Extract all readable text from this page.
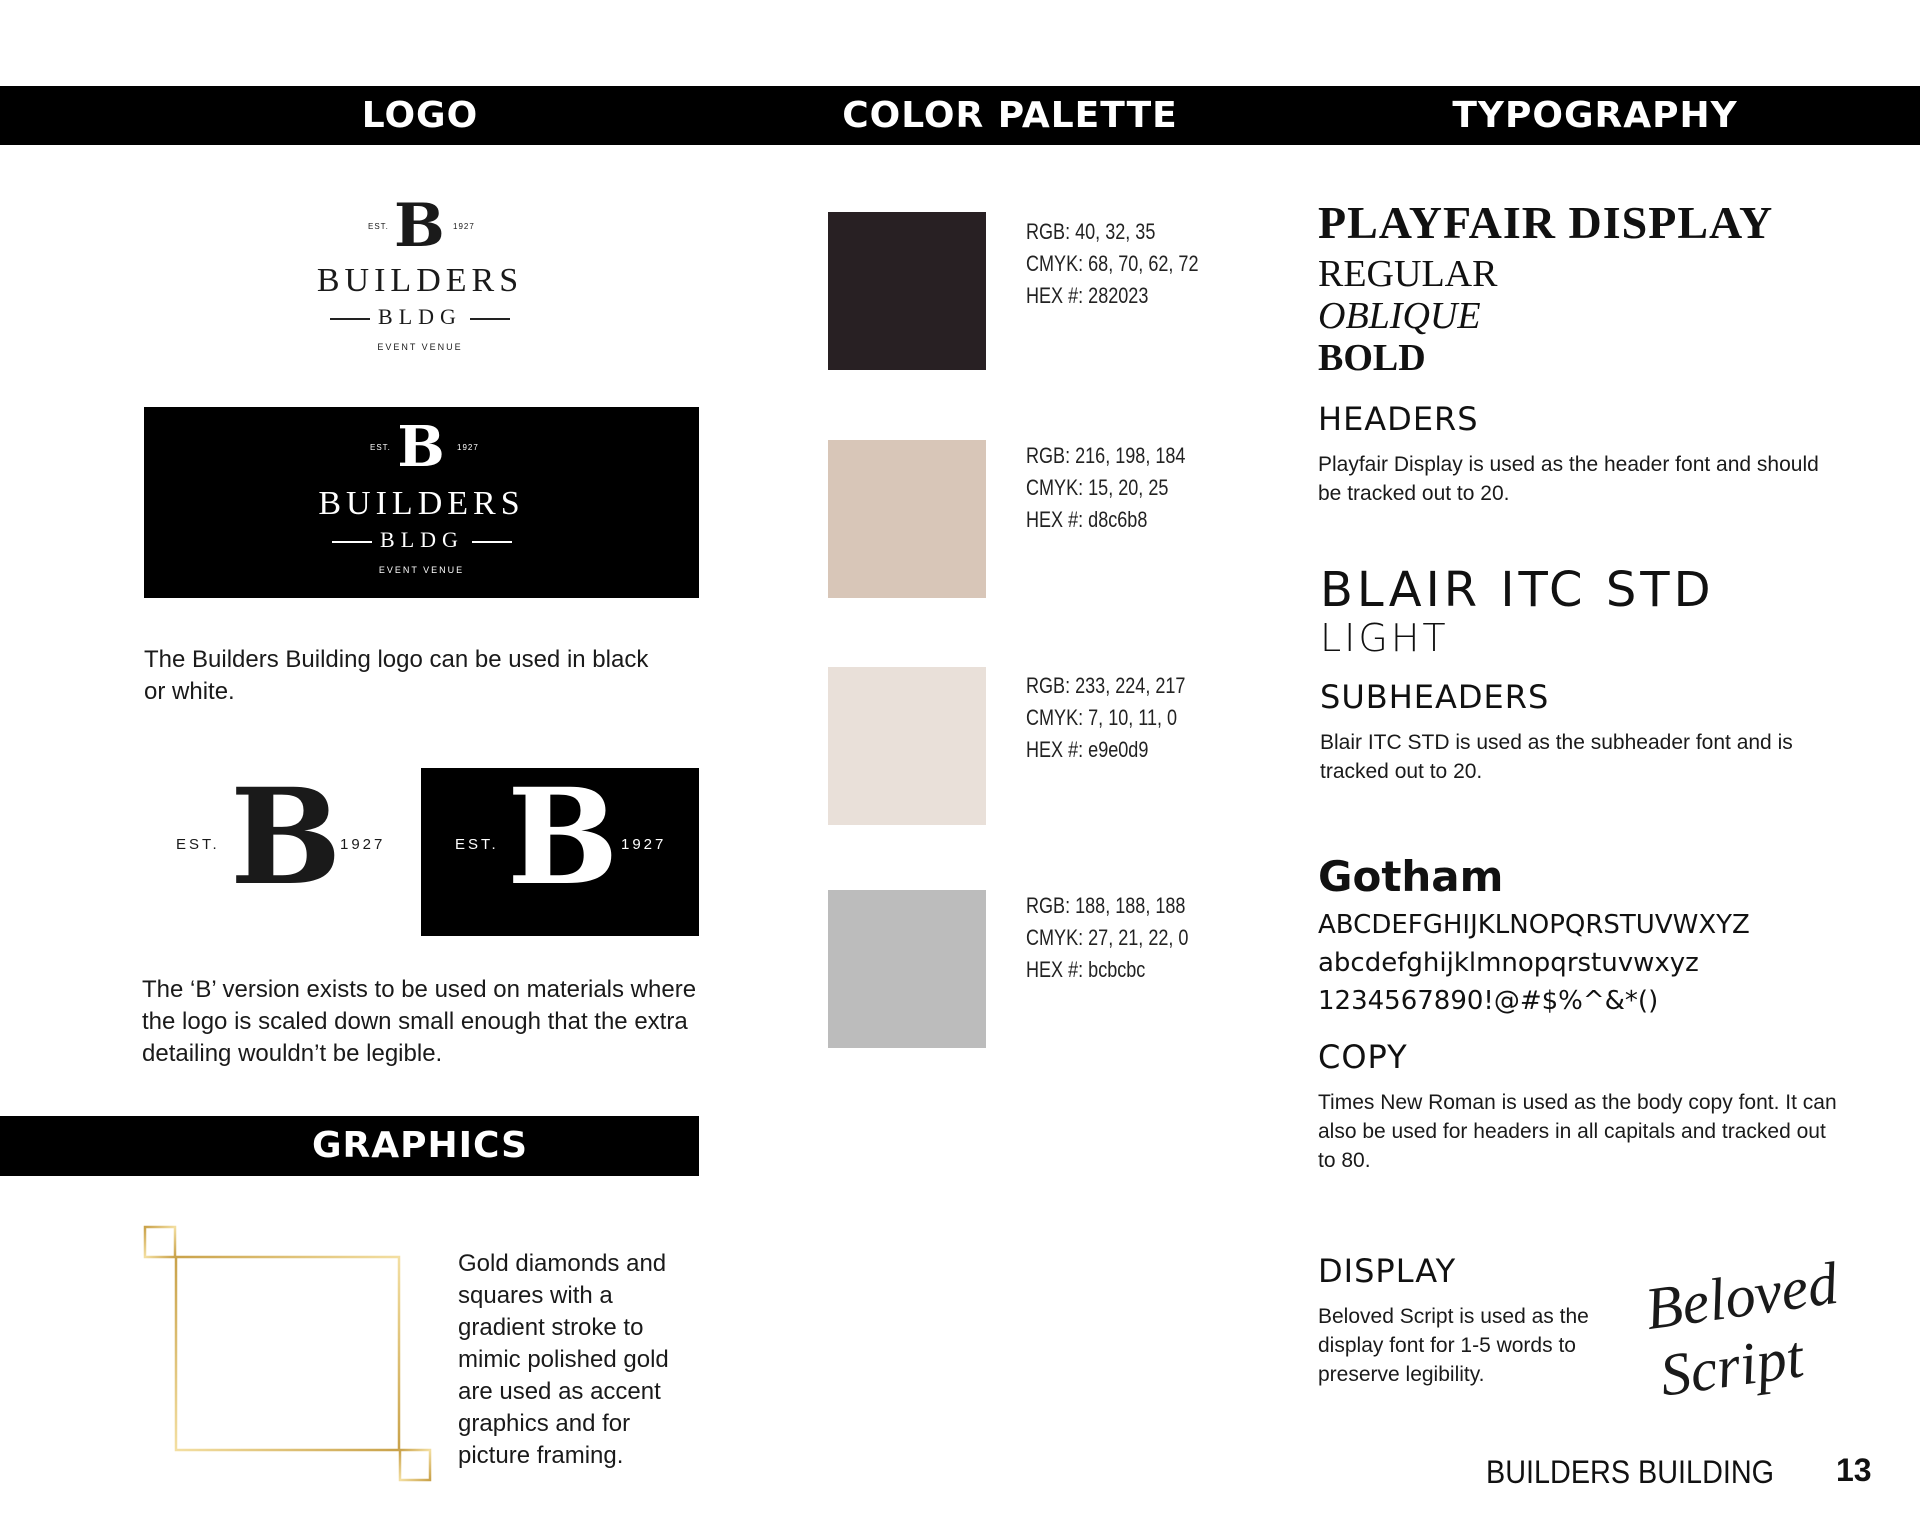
LOGO	COLOR PALETTE	TYPOGRAPHY
EST. B 1927
BUILDERS
BLDG
EVENT VENUE
EST. B 1927
BUILDERS
BLDG
EVENT VENUE
The Builders Building logo can be used in black or white.
EST. B
1927	EST. B 1927
The ‘B’ version exists to be used on materials where the logo is scaled down small enough that the extra detailing wouldn’t be legible.
GRAPHICS
Gold diamonds and squares with a gradient stroke to mimic polished gold are used as accent graphics and for picture framing.
RGB: 40, 32, 35
CMYK: 68, 70, 62, 72
HEX #: 282023
RGB: 216, 198, 184
CMYK: 15, 20, 25
HEX #: d8c6b8
RGB: 233, 224, 217
CMYK: 7, 10, 11, 0
HEX #: e9e0d9
RGB: 188, 188, 188
CMYK: 27, 21, 22, 0
HEX #: bcbcbc
PLAYFAIR DISPLAY
REGULAR
OBLIQUE
BOLD
HEADERS
Playfair Display is used as the header font and should be tracked out to 20.
BLAIR ITC STD
LIGHT
SUBHEADERS
Blair ITC STD is used as the subheader font and is tracked out to 20.
Gotham
ABCDEFGHIJKLNOPQRSTUVWXYZ
abcdefghijklmnopqrstuvwxyz
1234567890!@#$%^&*()
COPY
Times New Roman is used as the body copy font. It can also be used for headers in all capitals and tracked out to 80.
DISPLAY
Beloved Script is used as the display font for 1-5 words to preserve legibility.
Beloved
Script
BUILDERS BUILDING 13
